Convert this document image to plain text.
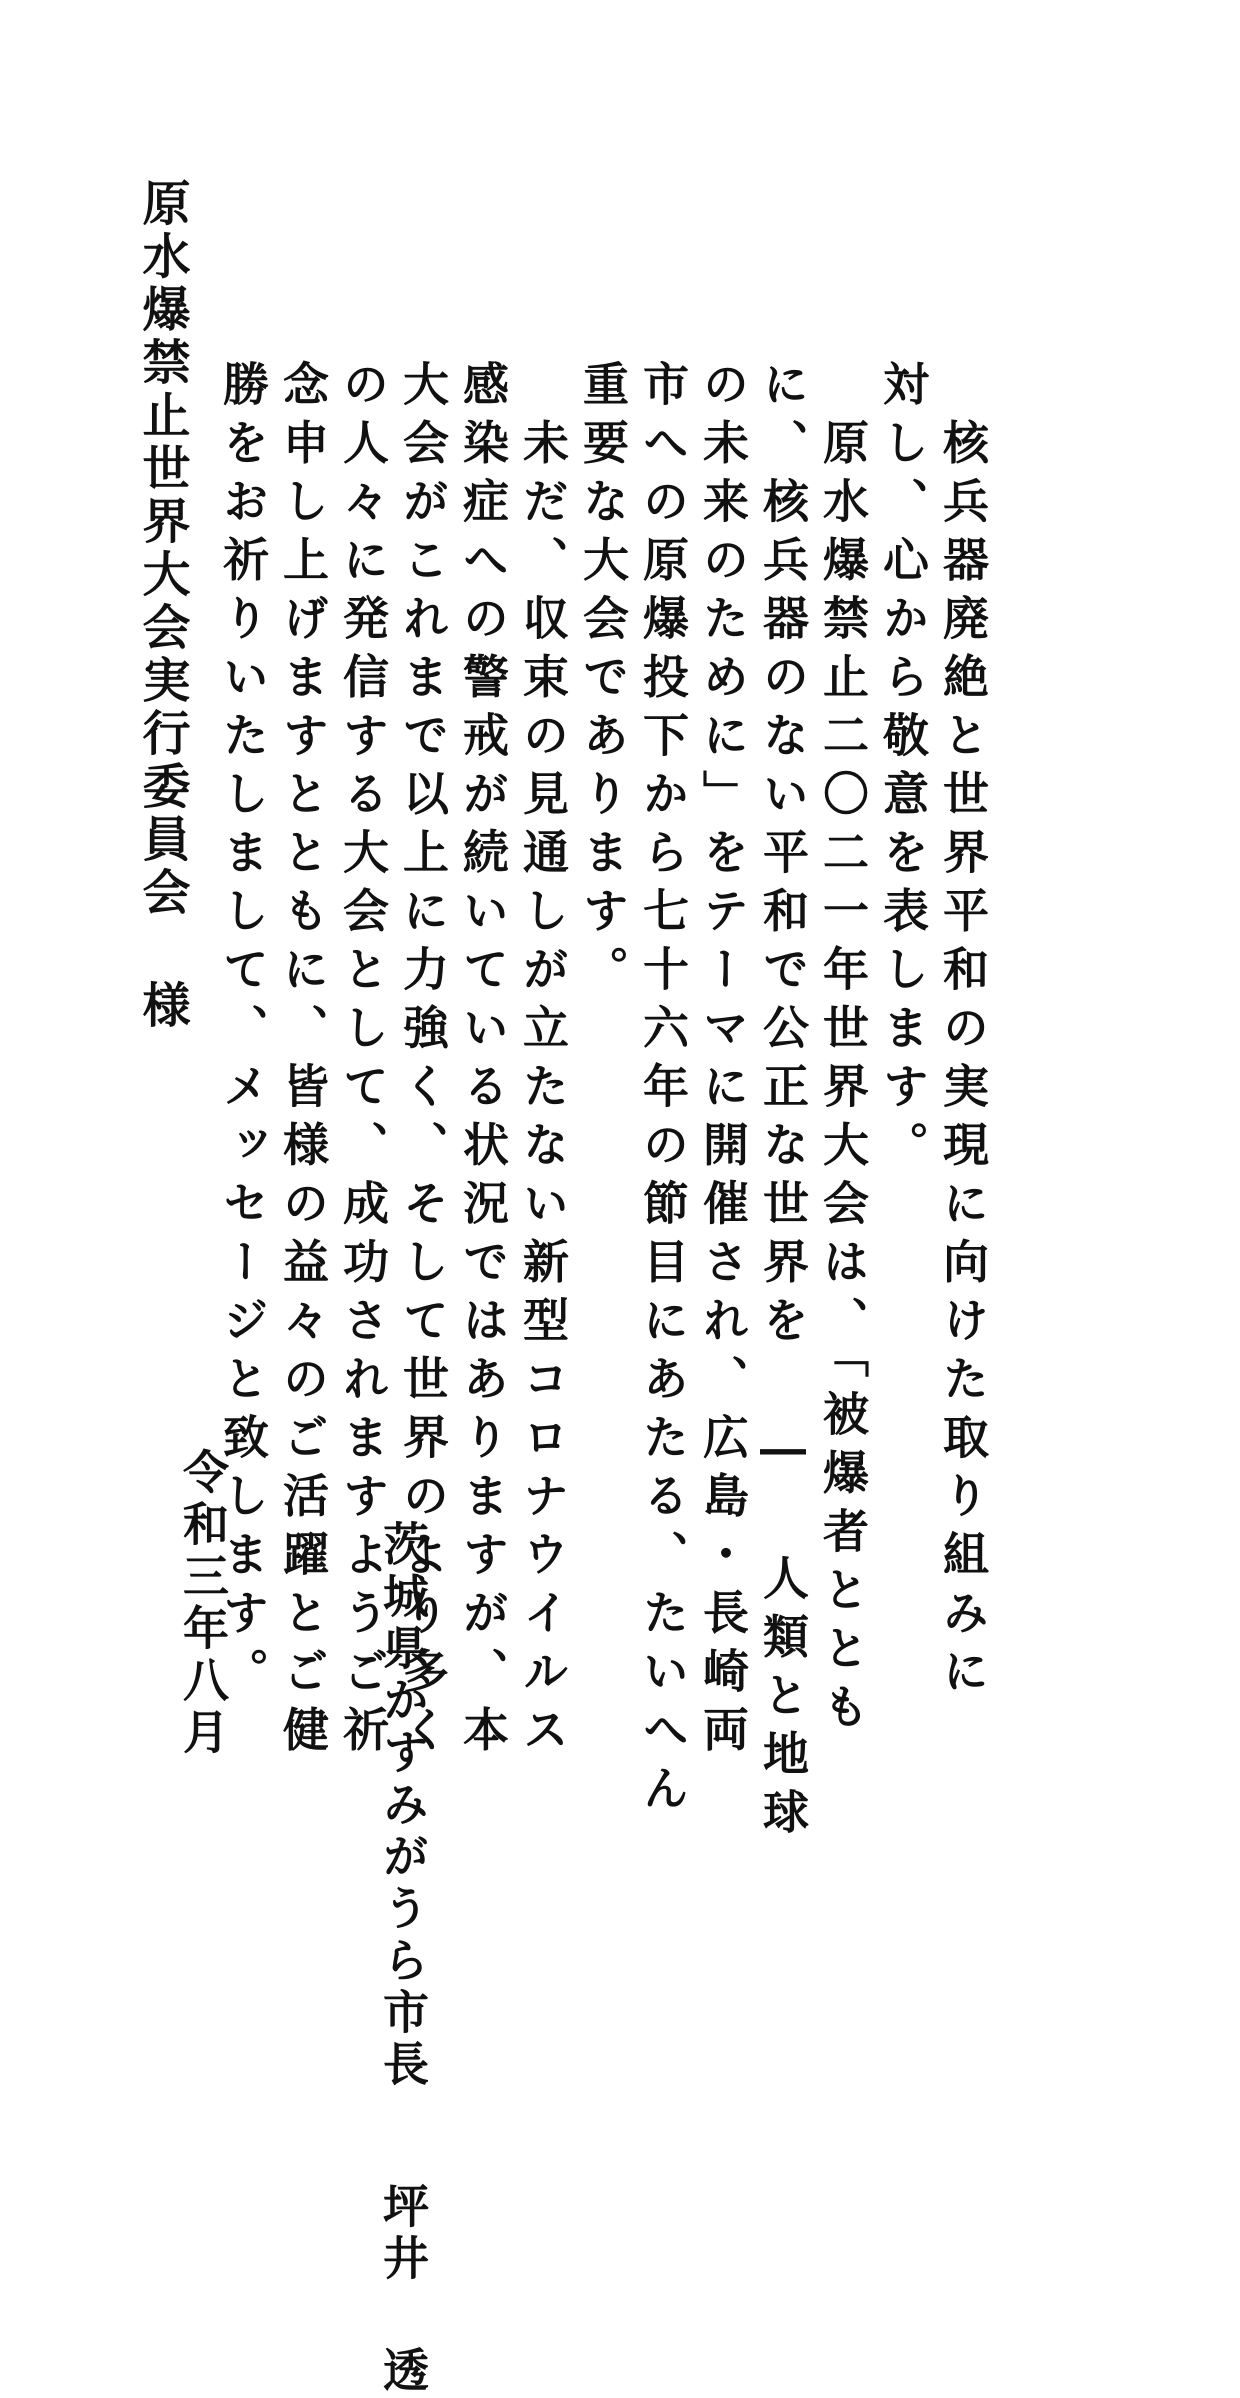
原水爆禁止世界大会実行委員会様	　核兵器廃絶と世界平和の実現に向けた取り組みに
対し、心から敬意を表します。
　原水爆禁止二〇二一年世界大会は、「被爆者ととも
に、核兵器のない平和で公正な世界を ― 人類と地球
の未来のために」をテーマに開催され、広島・長崎両
市への原爆投下から七十六年の節目にあたる、たいへん
重要な大会であります。
　未だ、収束の見通しが立たない新型コロナウイルス
感染症への警戒が続いている状況ではありますが、本
大会がこれまで以上に力強く、そして世界のより多く
の人々に発信する大会として、成功されますようご祈
念申し上げますとともに、皆様の益々のご活躍とご健
勝をお祈りいたしまして、メッセージと致します。
令和三年八月	茨城県かすみがうら市長坪井透
